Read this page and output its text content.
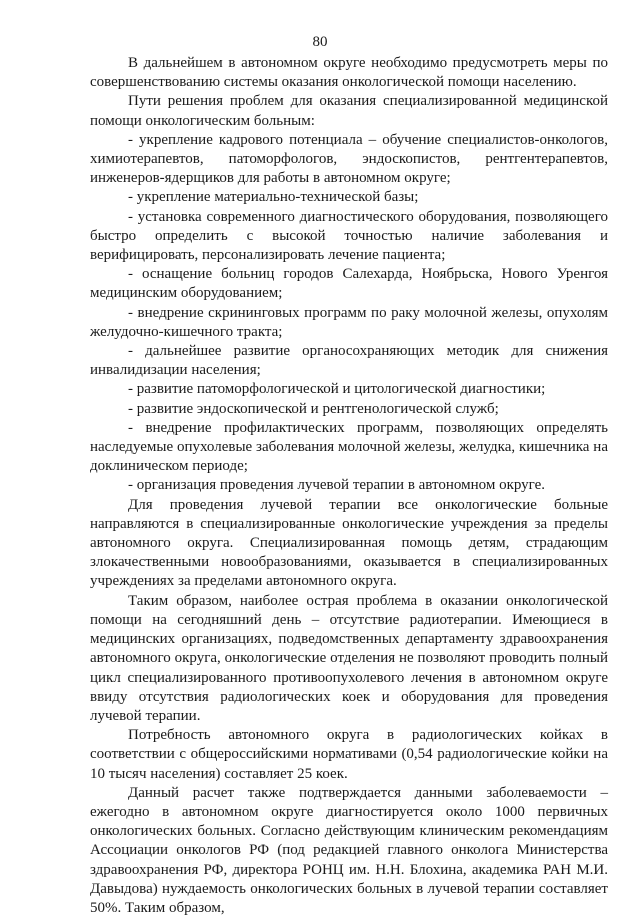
80

В дальнейшем в автономном округе необходимо предусмотреть меры по совершенствованию системы оказания онкологической помощи населению.

Пути решения проблем для оказания специализированной медицинской помощи онкологическим больным:

- укрепление кадрового потенциала – обучение специалистов-онкологов, химиотерапевтов, патоморфологов, эндоскопистов, рентгентерапевтов, инженеров-ядерщиков для работы в автономном округе;

- укрепление материально-технической базы;

- установка современного диагностического оборудования, позволяющего быстро определить с высокой точностью наличие заболевания и верифицировать, персонализировать лечение пациента;

- оснащение больниц городов Салехарда, Ноябрьска, Нового Уренгоя медицинским оборудованием;

- внедрение скрининговых программ по раку молочной железы, опухолям желудочно-кишечного тракта;

- дальнейшее развитие органосохраняющих методик для снижения инвалидизации населения;

- развитие патоморфологической и цитологической диагностики;

- развитие эндоскопической и рентгенологической служб;

- внедрение профилактических программ, позволяющих определять наследуемые опухолевые заболевания молочной железы, желудка, кишечника на доклиническом периоде;

- организация проведения лучевой терапии в автономном округе.

Для проведения лучевой терапии все онкологические больные направляются в специализированные онкологические учреждения за пределы автономного округа. Специализированная помощь детям, страдающим злокачественными новообразованиями, оказывается в специализированных учреждениях за пределами автономного округа.

Таким образом, наиболее острая проблема в оказании онкологической помощи на сегодняшний день – отсутствие радиотерапии. Имеющиеся в медицинских организациях, подведомственных департаменту здравоохранения автономного округа, онкологические отделения не позволяют проводить полный цикл специализированного противоопухолевого лечения в автономном округе ввиду отсутствия радиологических коек и оборудования для проведения лучевой терапии.

Потребность автономного округа в радиологических койках в соответствии с общероссийскими нормативами (0,54 радиологические койки на 10 тысяч населения) составляет 25 коек.

Данный расчет также подтверждается данными заболеваемости – ежегодно в автономном округе диагностируется около 1000 первичных онкологических больных. Согласно действующим клиническим рекомендациям Ассоциации онкологов РФ (под редакцией главного онколога Министерства здравоохранения РФ, директора РОНЦ им. Н.Н. Блохина, академика РАН М.И. Давыдова) нуждаемость онкологических больных в лучевой терапии составляет 50%. Таким образом,
